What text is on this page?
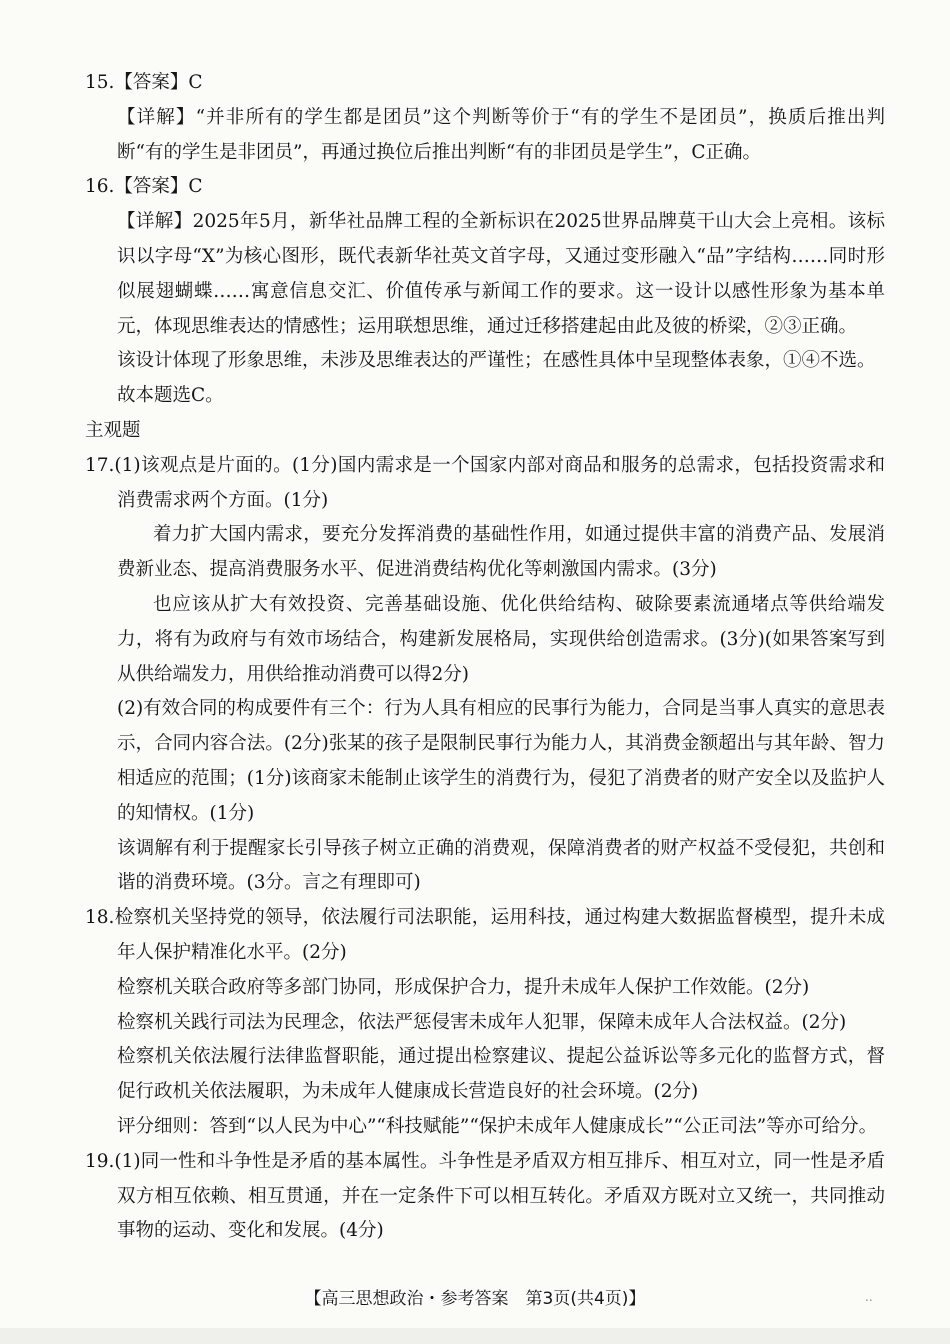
15.【答案】C
【详解】“并非所有的学生都是团员”这个判断等价于“有的学生不是团员”，换质后推出判断“有的学生是非团员”，再通过换位后推出判断“有的非团员是学生”，C正确。
16.【答案】C
【详解】2025年5月，新华社品牌工程的全新标识在2025世界品牌莫干山大会上亮相。该标识以字母“X”为核心图形，既代表新华社英文首字母，又通过变形融入“品”字结构……同时形似展翅蝴蝶……寓意信息交汇、价值传承与新闻工作的要求。这一设计以感性形象为基本单元，体现思维表达的情感性；运用联想思维，通过迁移搭建起由此及彼的桥梁，②③正确。
该设计体现了形象思维，未涉及思维表达的严谨性；在感性具体中呈现整体表象，①④不选。
故本题选C。
主观题
17.(1)该观点是片面的。(1分)国内需求是一个国家内部对商品和服务的总需求，包括投资需求和消费需求两个方面。(1分)
着力扩大国内需求，要充分发挥消费的基础性作用，如通过提供丰富的消费产品、发展消费新业态、提高消费服务水平、促进消费结构优化等刺激国内需求。(3分)
也应该从扩大有效投资、完善基础设施、优化供给结构、破除要素流通堵点等供给端发力，将有为政府与有效市场结合，构建新发展格局，实现供给创造需求。(3分)(如果答案写到从供给端发力，用供给推动消费可以得2分)
(2)有效合同的构成要件有三个：行为人具有相应的民事行为能力，合同是当事人真实的意思表示，合同内容合法。(2分)张某的孩子是限制民事行为能力人，其消费金额超出与其年龄、智力相适应的范围；(1分)该商家未能制止该学生的消费行为，侵犯了消费者的财产安全以及监护人的知情权。(1分)
该调解有利于提醒家长引导孩子树立正确的消费观，保障消费者的财产权益不受侵犯，共创和谐的消费环境。(3分。言之有理即可)
18.检察机关坚持党的领导，依法履行司法职能，运用科技，通过构建大数据监督模型，提升未成年人保护精准化水平。(2分)
检察机关联合政府等多部门协同，形成保护合力，提升未成年人保护工作效能。(2分)
检察机关践行司法为民理念，依法严惩侵害未成年人犯罪，保障未成年人合法权益。(2分)
检察机关依法履行法律监督职能，通过提出检察建议、提起公益诉讼等多元化的监督方式，督促行政机关依法履职，为未成年人健康成长营造良好的社会环境。(2分)
评分细则：答到“以人民为中心”“科技赋能”“保护未成年人健康成长”“公正司法”等亦可给分。
19.(1)同一性和斗争性是矛盾的基本属性。斗争性是矛盾双方相互排斥、相互对立，同一性是矛盾双方相互依赖、相互贯通，并在一定条件下可以相互转化。矛盾双方既对立又统一，共同推动事物的运动、变化和发展。(4分)
【高三思想政治・参考答案　第3页(共4页)】	..
